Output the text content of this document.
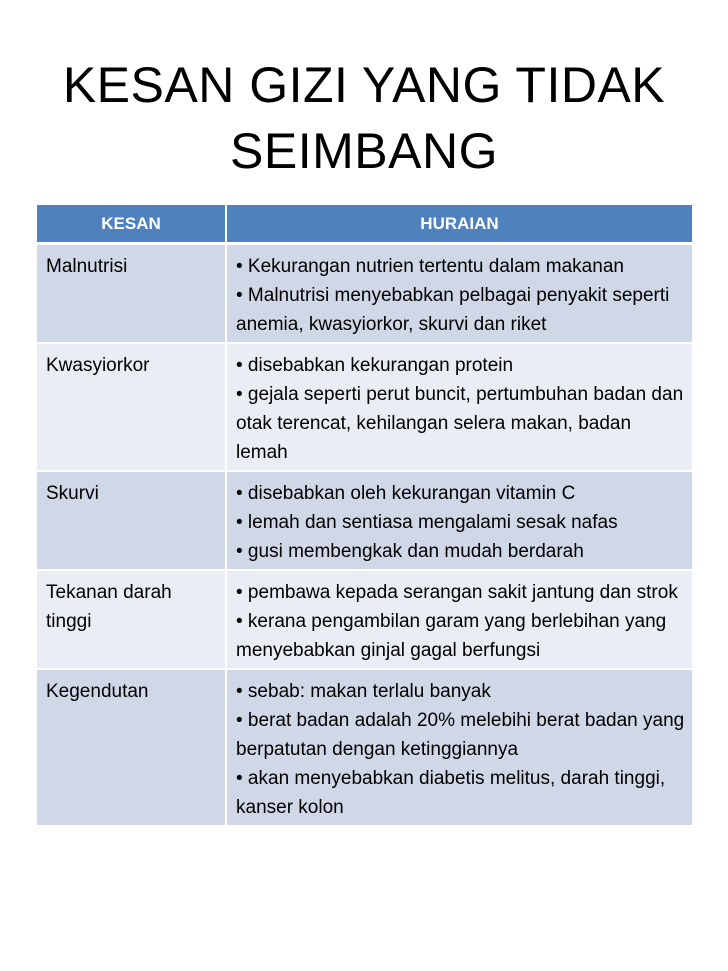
KESAN GIZI YANG TIDAK
SEIMBANG
KESAN	HURAIAN
Malnutrisi	• Kekurangan nutrien tertentu dalam makanan
• Malnutrisi menyebabkan pelbagai penyakit seperti anemia, kwasyiorkor, skurvi dan riket

Kwasyiorkor	• disebabkan kekurangan protein
• gejala seperti perut buncit, pertumbuhan badan dan otak terencat, kehilangan selera makan, badan lemah

Skurvi	• disebabkan oleh kekurangan vitamin C
• lemah dan sentiasa mengalami sesak nafas
• gusi membengkak dan mudah berdarah

Tekanan darah tinggi	• pembawa kepada serangan sakit jantung dan strok
• kerana pengambilan garam yang berlebihan yang menyebabkan ginjal gagal berfungsi

Kegendutan	• sebab: makan terlalu banyak
• berat badan adalah 20% melebihi berat badan yang berpatutan dengan ketinggiannya
• akan menyebabkan diabetis melitus, darah tinggi, kanser kolon
